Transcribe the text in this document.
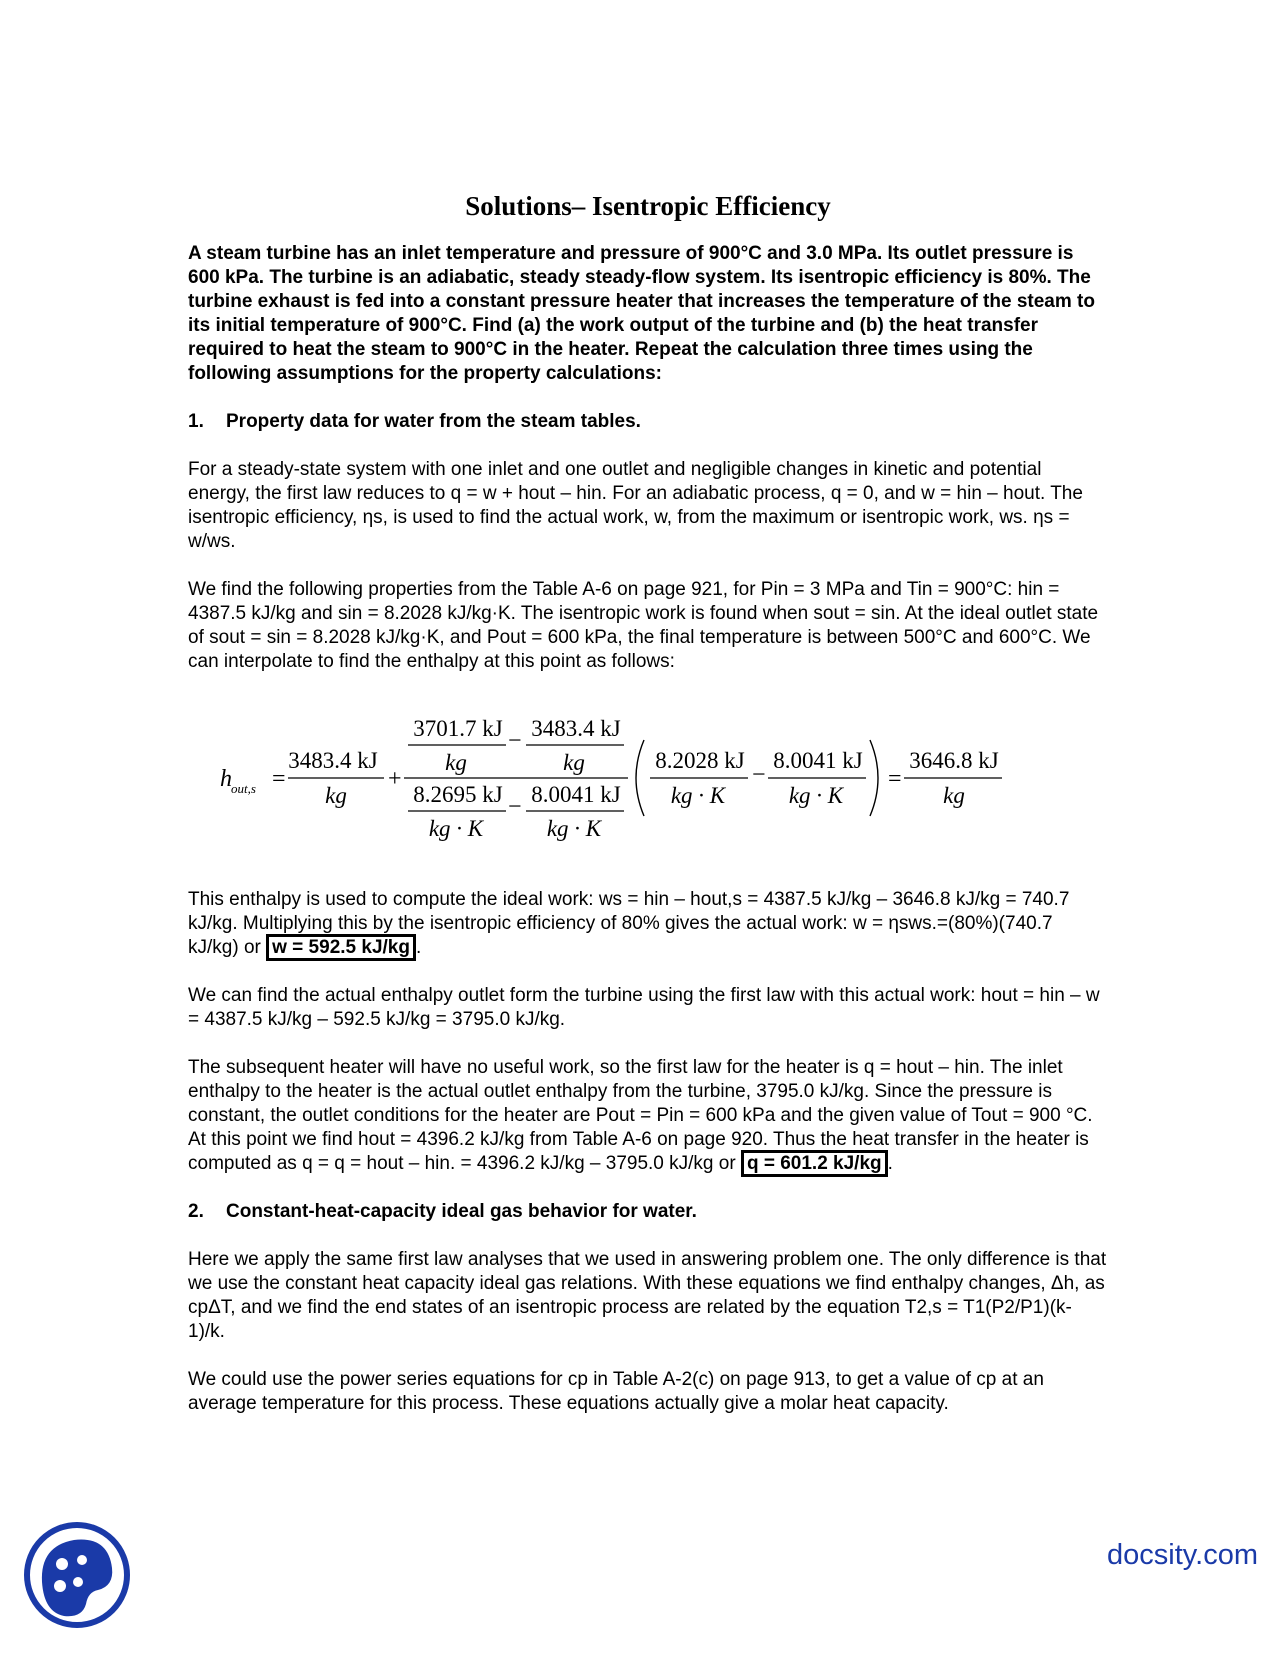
Solutions– Isentropic Efficiency

A steam turbine has an inlet temperature and pressure of 900°C and 3.0 MPa. Its outlet pressure is 600 kPa. The turbine is an adiabatic, steady steady-flow system. Its isentropic efficiency is 80%. The turbine exhaust is fed into a constant pressure heater that increases the temperature of the steam to its initial temperature of 900°C. Find (a) the work output of the turbine and (b) the heat transfer required to heat the steam to 900°C in the heater. Repeat the calculation three times using the following assumptions for the property calculations:

1. Property data for water from the steam tables.

For a steady-state system with one inlet and one outlet and negligible changes in kinetic and potential energy, the first law reduces to q = w + hout – hin. For an adiabatic process, q = 0, and w = hin – hout. The isentropic efficiency, ηs, is used to find the actual work, w, from the maximum or isentropic work, ws. ηs = w/ws.

We find the following properties from the Table A-6 on page 921, for Pin = 3 MPa and Tin = 900°C: hin = 4387.5 kJ/kg and sin = 8.2028 kJ/kg·K. The isentropic work is found when sout = sin. At the ideal outlet state of sout = sin = 8.2028 kJ/kg·K, and Pout = 600 kPa, the final temperature is between 500°C and 600°C. We can interpolate to find the enthalpy at this point as follows:

h out,s =
3483.4 kJ
kg
+
3701.7 kJ
kg
− 3483.4 kJ
kg
8.2695 kJ
kg · K
− 8.0041 kJ
kg · K
8.2028 kJ
kg · K
−
8.0041 kJ
kg · K
=
3646.8 kJ
kg

This enthalpy is used to compute the ideal work: ws = hin – hout,s = 4387.5 kJ/kg – 3646.8 kJ/kg = 740.7 kJ/kg. Multiplying this by the isentropic efficiency of 80% gives the actual work: w = ηsws.=(80%)(740.7 kJ/kg) or w = 592.5 kJ/kg .

We can find the actual enthalpy outlet form the turbine using the first law with this actual work: hout = hin – w = 4387.5 kJ/kg – 592.5 kJ/kg = 3795.0 kJ/kg.

The subsequent heater will have no useful work, so the first law for the heater is q = hout – hin. The inlet enthalpy to the heater is the actual outlet enthalpy from the turbine, 3795.0 kJ/kg. Since the pressure is constant, the outlet conditions for the heater are Pout = Pin = 600 kPa and the given value of Tout = 900 °C. At this point we find hout = 4396.2 kJ/kg from Table A-6 on page 920. Thus the heat transfer in the heater is computed as q = q = hout – hin. = 4396.2 kJ/kg – 3795.0 kJ/kg or q = 601.2 kJ/kg .

2. Constant-heat-capacity ideal gas behavior for water.

Here we apply the same first law analyses that we used in answering problem one. The only difference is that we use the constant heat capacity ideal gas relations. With these equations we find enthalpy changes, Δh, as cpΔT, and we find the end states of an isentropic process are related by the equation T2,s = T1(P2/P1)(k-1)/k.

We could use the power series equations for cp in Table A-2(c) on page 913, to get a value of cp at an average temperature for this process. These equations actually give a molar heat capacity.

docsity.com
